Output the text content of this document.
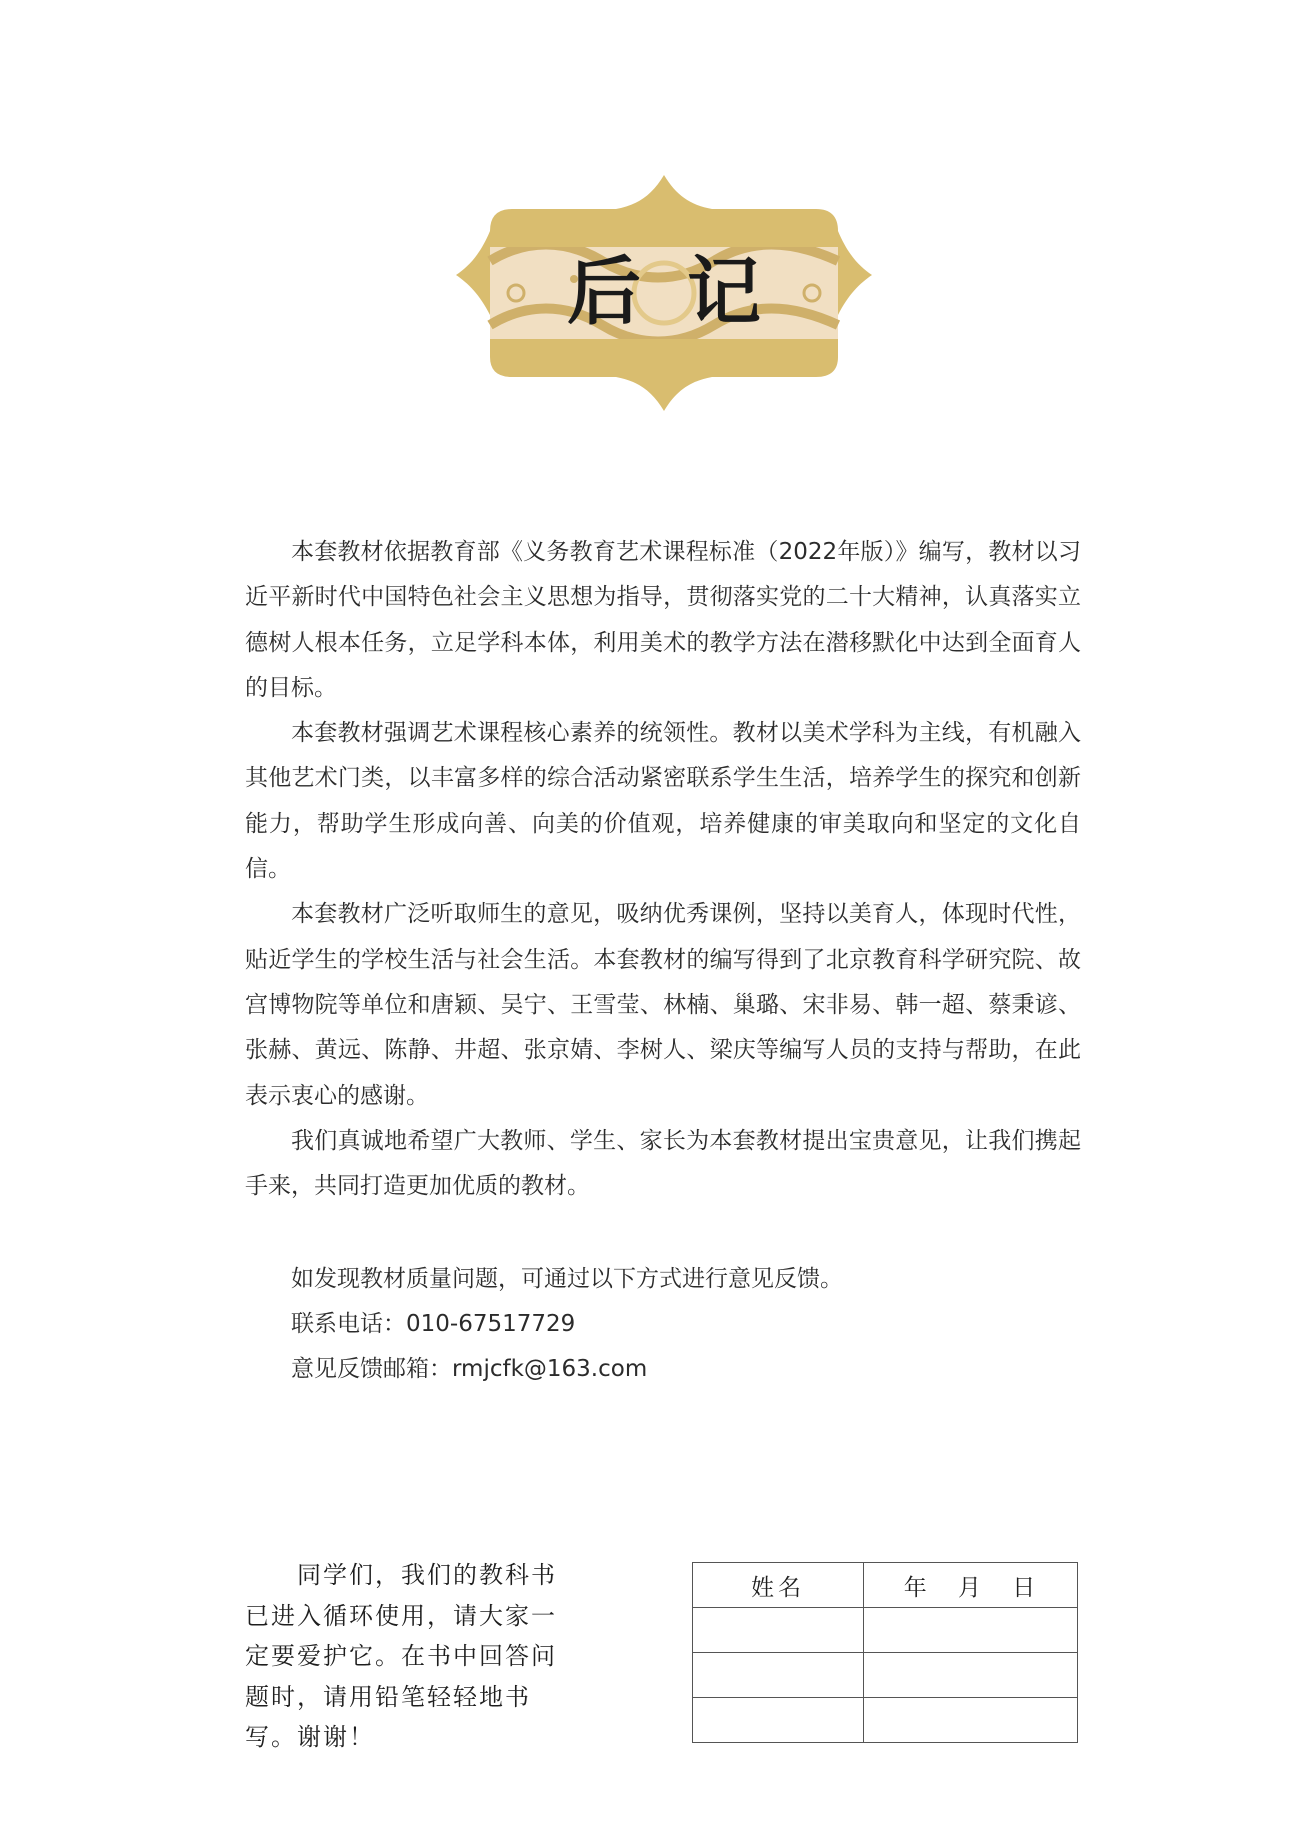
后记

本套教材依据教育部《义务教育艺术课程标准（2022年版）》编写，教材以习近平新时代中国特色社会主义思想为指导，贯彻落实党的二十大精神，认真落实立德树人根本任务，立足学科本体，利用美术的教学方法在潜移默化中达到全面育人的目标。

本套教材强调艺术课程核心素养的统领性。教材以美术学科为主线，有机融入其他艺术门类，以丰富多样的综合活动紧密联系学生生活，培养学生的探究和创新能力，帮助学生形成向善、向美的价值观，培养健康的审美取向和坚定的文化自信。

本套教材广泛听取师生的意见，吸纳优秀课例，坚持以美育人，体现时代性，贴近学生的学校生活与社会生活。本套教材的编写得到了北京教育科学研究院、故宫博物院等单位和唐颖、吴宁、王雪莹、林楠、巢璐、宋非易、韩一超、蔡秉谚、张赫、黄远、陈静、井超、张京婧、李树人、梁庆等编写人员的支持与帮助，在此表示衷心的感谢。

我们真诚地希望广大教师、学生、家长为本套教材提出宝贵意见，让我们携起手来，共同打造更加优质的教材。

如发现教材质量问题，可通过以下方式进行意见反馈。
联系电话：010-67517729
意见反馈邮箱：rmjcfk@163.com

同学们，我们的教科书已进入循环使用，请大家一定要爱护它。在书中回答问题时，请用铅笔轻轻地书写。谢谢！

姓名	年 月 日
